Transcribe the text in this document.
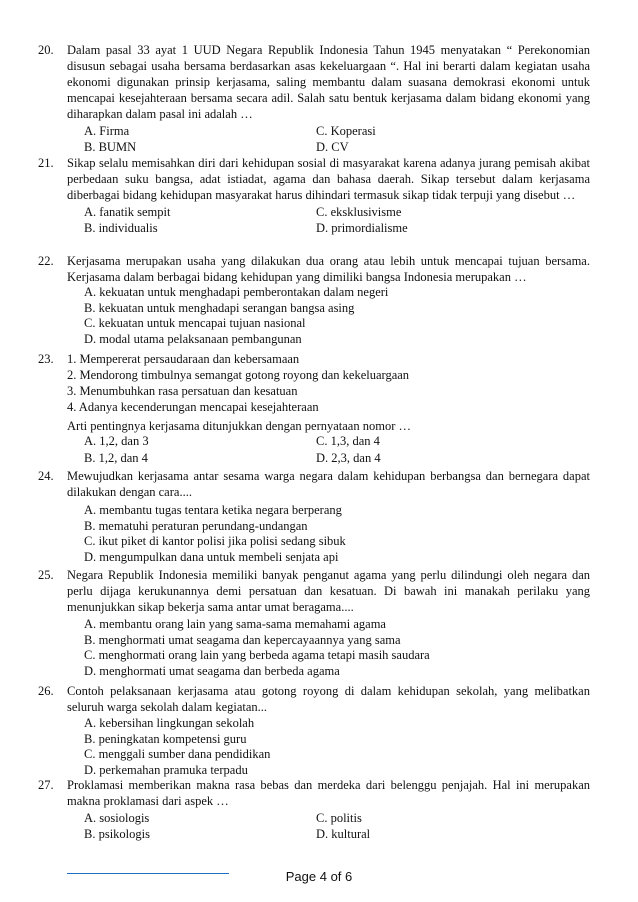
20. Dalam pasal 33 ayat 1 UUD Negara Republik Indonesia Tahun 1945 menyatakan “ Perekonomian disusun sebagai usaha bersama berdasarkan asas kekeluargaan “. Hal ini berarti dalam kegiatan usaha ekonomi digunakan prinsip kerjasama, saling membantu dalam suasana demokrasi ekonomi untuk mencapai kesejahteraan bersama secara adil. Salah satu bentuk kerjasama dalam bidang ekonomi yang diharapkan dalam pasal ini adalah …
A. Firma	C. Koperasi
B. BUMN	D. CV
21. Sikap selalu memisahkan diri dari kehidupan sosial di masyarakat karena adanya jurang pemisah akibat perbedaan suku bangsa, adat istiadat, agama dan bahasa daerah. Sikap tersebut dalam kerjasama diberbagai bidang kehidupan masyarakat harus dihindari termasuk sikap tidak terpuji yang disebut …
A. fanatik sempit	C. eksklusivisme
B. individualis	D. primordialisme
22. Kerjasama merupakan usaha yang dilakukan dua orang atau lebih untuk mencapai tujuan bersama. Kerjasama dalam berbagai bidang kehidupan yang dimiliki bangsa Indonesia merupakan …
A. kekuatan untuk menghadapi pemberontakan dalam negeri
B. kekuatan untuk menghadapi serangan bangsa asing
C. kekuatan untuk mencapai tujuan nasional
D. modal utama pelaksanaan pembangunan
23. 1. Mempererat persaudaraan dan kebersamaan
2. Mendorong timbulnya semangat gotong royong dan kekeluargaan
3. Menumbuhkan rasa persatuan dan kesatuan
4. Adanya kecenderungan mencapai kesejahteraan
Arti pentingnya kerjasama ditunjukkan dengan pernyataan nomor …
A. 1,2, dan 3	C. 1,3, dan 4
B. 1,2, dan 4	D. 2,3, dan 4
24. Mewujudkan kerjasama antar sesama warga negara dalam kehidupan berbangsa dan bernegara dapat dilakukan dengan cara....
A. membantu tugas tentara ketika negara berperang
B. mematuhi peraturan perundang-undangan
C. ikut piket di kantor polisi jika polisi sedang sibuk
D. mengumpulkan dana untuk membeli senjata api
25. Negara Republik Indonesia memiliki banyak penganut agama yang perlu dilindungi oleh negara dan perlu dijaga kerukunannya demi persatuan dan kesatuan. Di bawah ini manakah perilaku yang menunjukkan sikap bekerja sama antar umat beragama....
A. membantu orang lain yang sama-sama memahami agama
B. menghormati umat seagama dan kepercayaannya yang sama
C. menghormati orang lain yang berbeda agama tetapi masih saudara
D. menghormati umat seagama dan berbeda agama
26. Contoh pelaksanaan kerjasama atau gotong royong di dalam kehidupan sekolah, yang melibatkan seluruh warga sekolah dalam kegiatan...
A. kebersihan lingkungan sekolah
B. peningkatan kompetensi guru
C. menggali sumber dana pendidikan
D. perkemahan pramuka terpadu
27. Proklamasi memberikan makna rasa bebas dan merdeka dari belenggu penjajah. Hal ini merupakan makna proklamasi dari aspek …
A. sosiologis	C. politis
B. psikologis	D. kultural
Page 4 of 6
